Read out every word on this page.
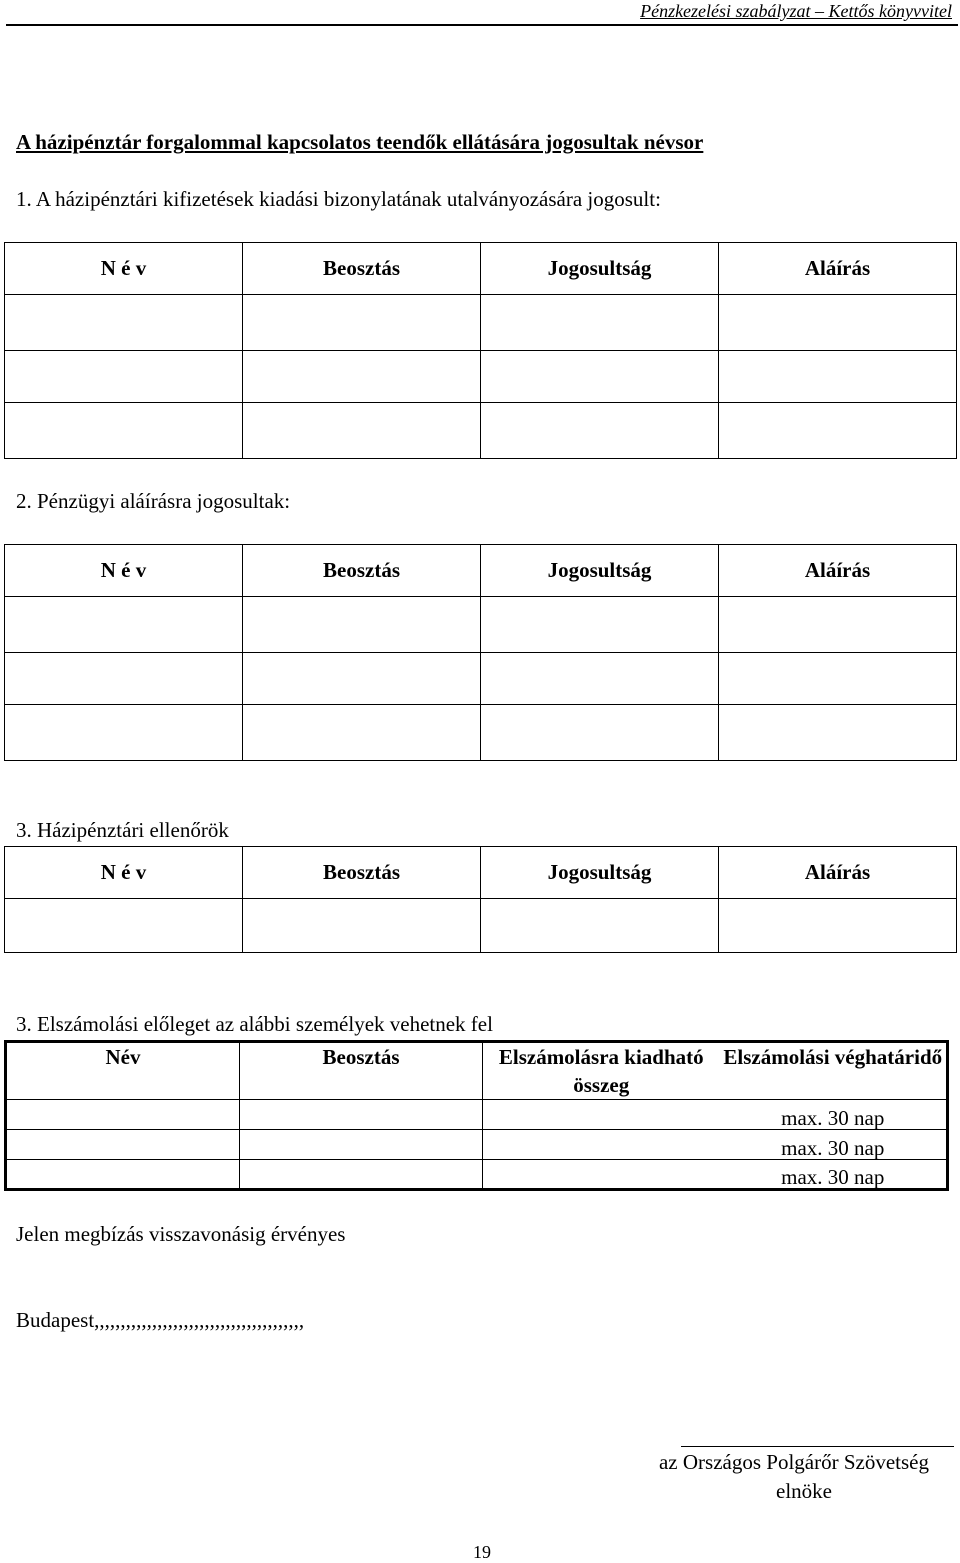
Pénzkezelési szabályzat – Kettős könyvvitel
A házipénztár forgalommal kapcsolatos teendők ellátására jogosultak névsor
1. A házipénztári kifizetések kiadási bizonylatának utalványozására jogosult:
N é v	Beosztás	Jogosultság	Aláírás

2. Pénzügyi aláírásra jogosultak:
N é v	Beosztás	Jogosultság	Aláírás

3. Házipénztári ellenőrök
N é v	Beosztás	Jogosultság	Aláírás

3. Elszámolási előleget az alábbi személyek vehetnek fel
Név	Beosztás	Elszámolásra kiadható összeg	Elszámolási véghatáridő
			max. 30 nap
			max. 30 nap
			max. 30 nap
Jelen megbízás visszavonásig érvényes
Budapest,,,,,,,,,,,,,,,,,,,,,,,,,,,,,,,,,,,,,,,,
az Országos Polgárőr Szövetség
elnöke
19
